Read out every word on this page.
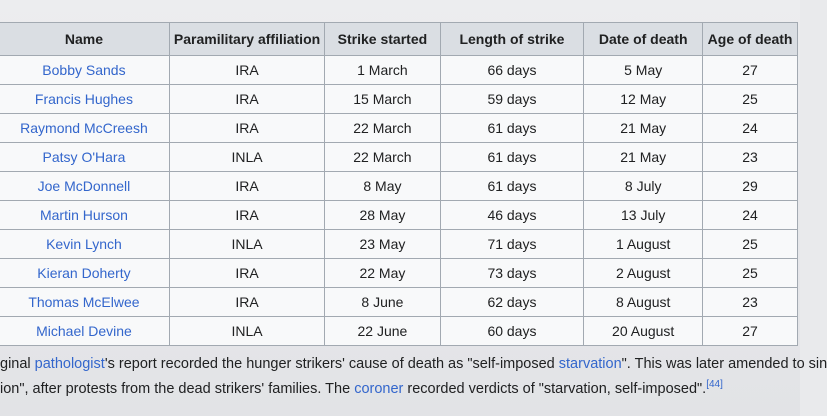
Name	Paramilitary affiliation	Strike started	Length of strike	Date of death	Age of death
Bobby Sands	IRA	1 March	66 days	5 May	27
Francis Hughes	IRA	15 March	59 days	12 May	25
Raymond McCreesh	IRA	22 March	61 days	21 May	24
Patsy O'Hara	INLA	22 March	61 days	21 May	23
Joe McDonnell	IRA	8 May	61 days	8 July	29
Martin Hurson	IRA	28 May	46 days	13 July	24
Kevin Lynch	INLA	23 May	71 days	1 August	25
Kieran Doherty	IRA	22 May	73 days	2 August	25
Thomas McElwee	IRA	8 June	62 days	8 August	23
Michael Devine	INLA	22 June	60 days	20 August	27
ginal pathologist's report recorded the hunger strikers' cause of death as "self-imposed starvation". This was later amended to sin
ion", after protests from the dead strikers' families. The coroner recorded verdicts of "starvation, self-imposed".[44]
